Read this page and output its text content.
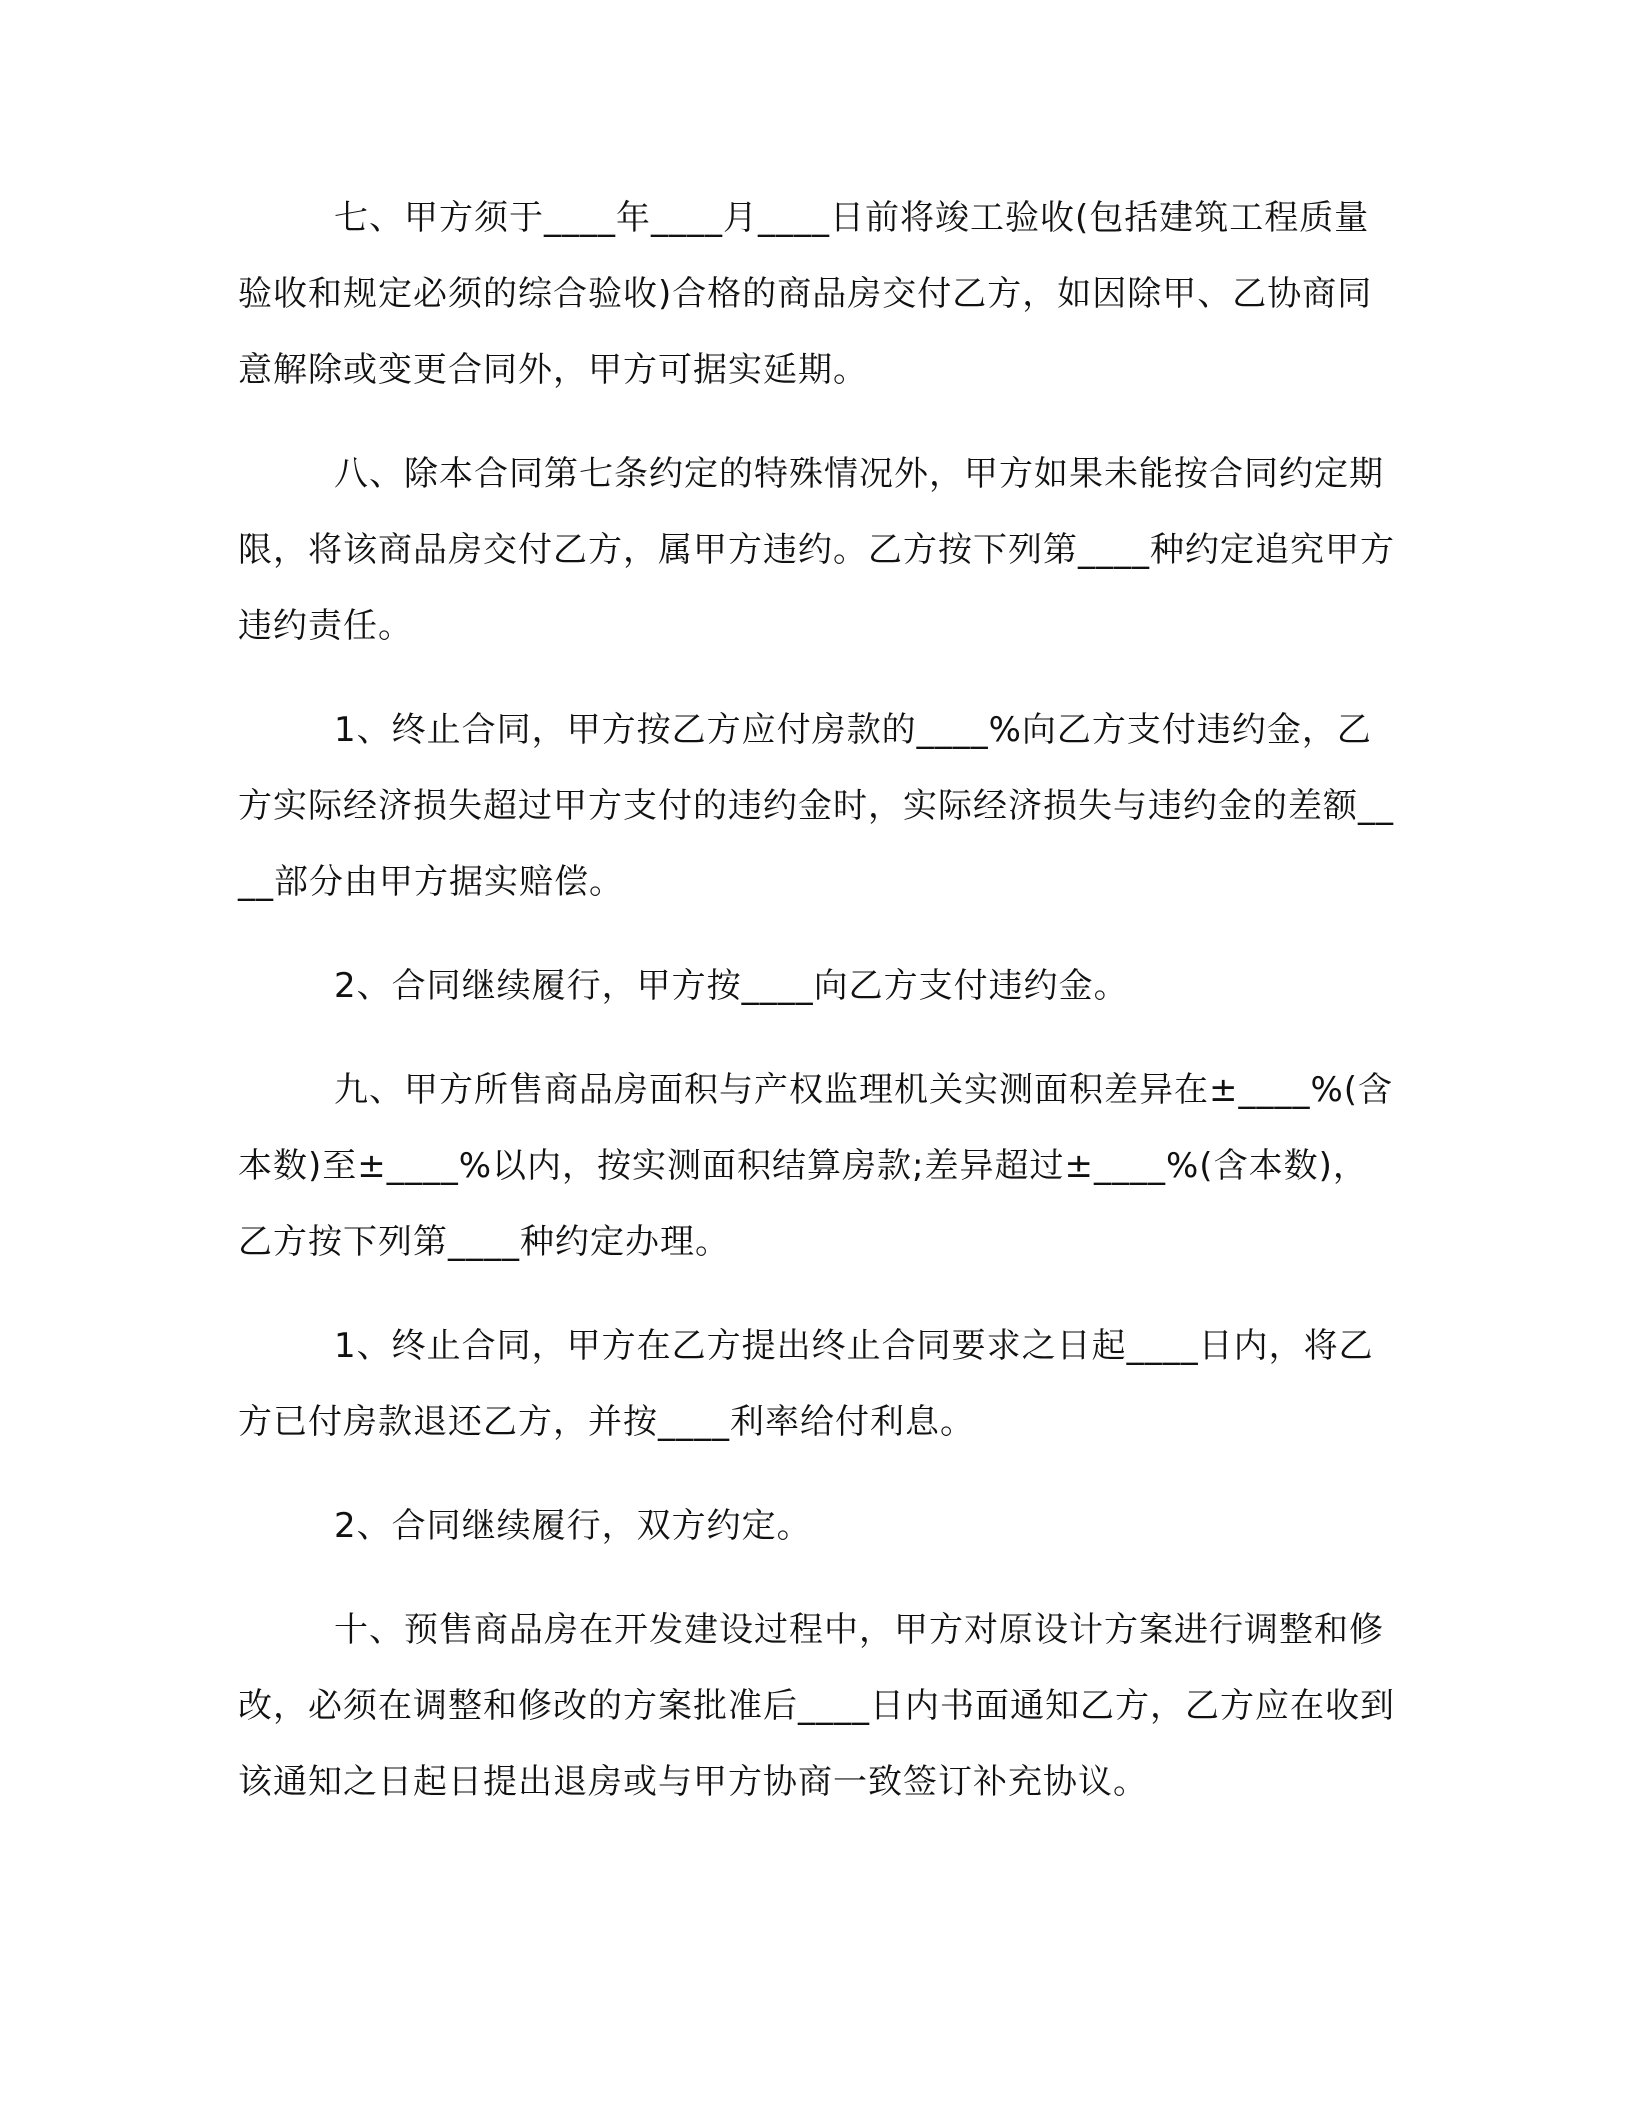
七、甲方须于____年____月____日前将竣工验收(包括建筑工程质量验收和规定必须的综合验收)合格的商品房交付乙方，如因除甲、乙协商同意解除或变更合同外，甲方可据实延期。

八、除本合同第七条约定的特殊情况外，甲方如果未能按合同约定期限，将该商品房交付乙方，属甲方违约。乙方按下列第____种约定追究甲方违约责任。

1、终止合同，甲方按乙方应付房款的____%向乙方支付违约金，乙方实际经济损失超过甲方支付的违约金时，实际经济损失与违约金的差额____部分由甲方据实赔偿。

2、合同继续履行，甲方按____向乙方支付违约金。

九、甲方所售商品房面积与产权监理机关实测面积差异在±____%(含本数)至±____%以内，按实测面积结算房款;差异超过±____%(含本数)，乙方按下列第____种约定办理。

1、终止合同，甲方在乙方提出终止合同要求之日起____日内，将乙方已付房款退还乙方，并按____利率给付利息。

2、合同继续履行，双方约定。

十、预售商品房在开发建设过程中，甲方对原设计方案进行调整和修改，必须在调整和修改的方案批准后____日内书面通知乙方，乙方应在收到该通知之日起日提出退房或与甲方协商一致签订补充协议。
